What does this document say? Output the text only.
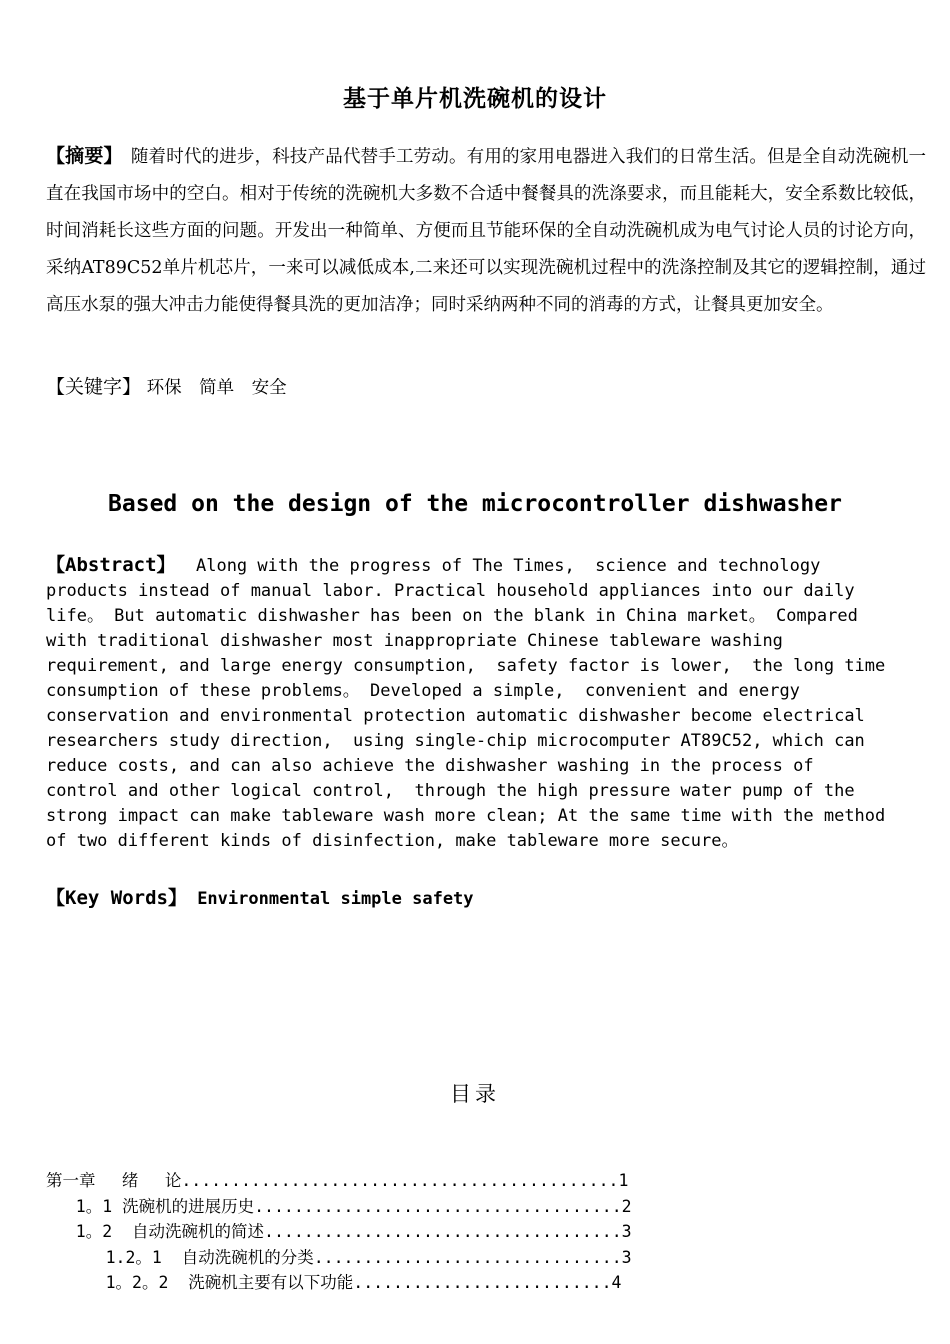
基于单片机洗碗机的设计
【摘要】　随着时代的进步，科技产品代替手工劳动。有用的家用电器进入我们的日常生活。但是全自动洗碗机一直在我国市场中的空白。相对于传统的洗碗机大多数不合适中餐餐具的洗涤要求，而且能耗大，安全系数比较低，时间消耗长这些方面的问题。开发出一种简单、方便而且节能环保的全自动洗碗机成为电气讨论人员的讨论方向，采纳AT89C52单片机芯片，一来可以减低成本,二来还可以实现洗碗机过程中的洗涤控制及其它的逻辑控制，通过高压水泵的强大冲击力能使得餐具洗的更加洁净；同时采纳两种不同的消毒的方式，让餐具更加安全。
【关键字】 环保　简单　安全
Based on the design of the microcontroller dishwasher
【Abstract】  Along with the progress of The Times,  science and technology
products instead of manual labor. Practical household appliances into our daily
life。 But automatic dishwasher has been on the blank in China market。 Compared
with traditional dishwasher most inappropriate Chinese tableware washing
requirement, and large energy consumption,  safety factor is lower,  the long time
consumption of these problems。 Developed a simple,  convenient and energy
conservation and environmental protection automatic dishwasher become electrical
researchers study direction,  using single-chip microcomputer AT89C52, which can
reduce costs, and can also achieve the dishwasher washing in the process of
control and other logical control,  through the high pressure water pump of the
strong impact can make tableware wash more clean; At the same time with the method
of two different kinds of disinfection, make tableware more secure。
【Key Words】 Environmental simple safety
目录
第一章　 绪　 论............................................1
1。1 洗碗机的进展历史.....................................2
1。2  自动洗碗机的简述....................................3
1.2。1  自动洗碗机的分类...............................3
1。2。2  洗碗机主要有以下功能..........................4
